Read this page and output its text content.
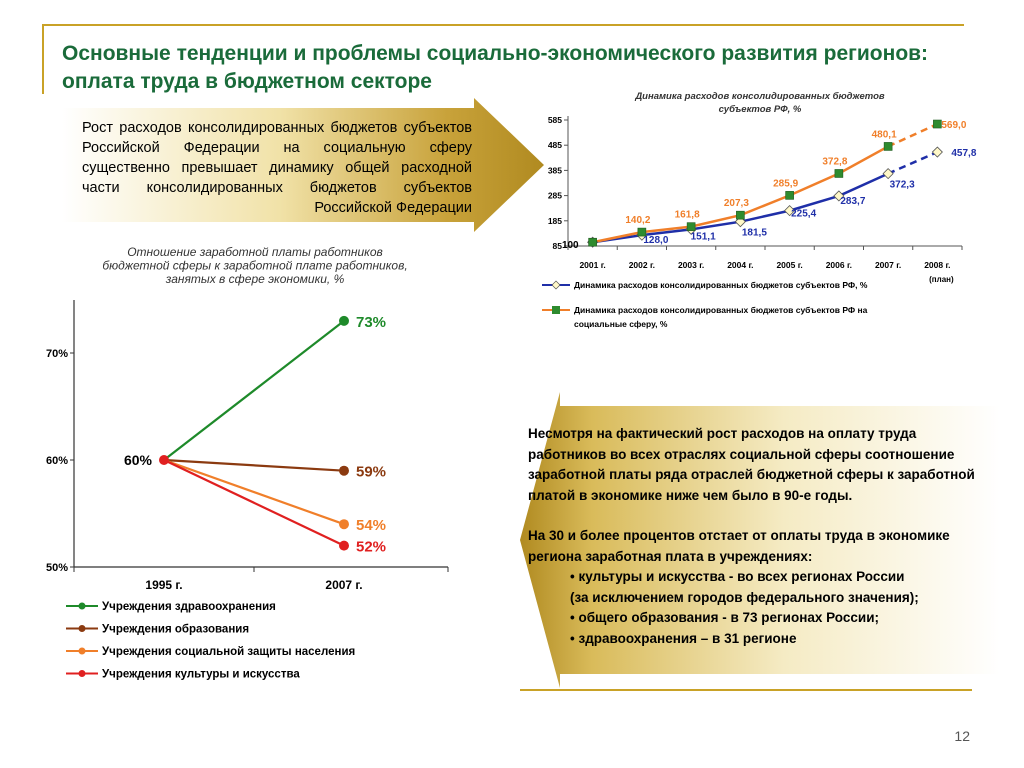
Основные тенденции и проблемы социально-экономического развития регионов: оплата труда в бюджетном секторе
Рост расходов консолидированных бюджетов субъектов Российской Федерации на социальную сферу существенно превышает динамику общей расходной части консолидированных бюджетов субъектов Российской Федерации

Несмотря на фактический рост расходов на оплату труда работников во всех отраслях социальной сферы соотношение заработной платы ряда отраслей бюджетной сферы к заработной платой в экономике ниже чем было в 90-е годы.

На 30 и более процентов отстает от оплаты труда в экономике региона заработная плата в учреждениях:

• культуры и искусства - во всех регионах России

(за исключением городов федерального значения);

• общего образования - в 73 регионах России;

• здравоохранения – в 31 регионе

Динамика расходов консолидированных бюджетов
субъектов РФ, %
85
185
285
385
485
585
2001 г.	2002 г.	2003 г.	2004 г.	2005 г.	2006 г.	2007 г.	2008 г.
(план)
100	128,0 151,1	181,5
225,4
283,7
372,3
457,8
140,2 161,8
207,3
285,9
372,8
480,1
569,0
Динамика расходов консолидированных бюджетов субъектов РФ, %
Динамика расходов консолидированных бюджетов субъектов РФ на
социальные сферу, %
Отношение заработной платы работников
бюджетной сферы к заработной плате работников,
занятых в сфере экономики, %
50%
60%
70%
1995 г.	2007 г.
73%
59%
54%
52%
60%
Учреждения здравоохранения
Учреждения образования
Учреждения социальной защиты населения
Учреждения культуры и искусства
12
